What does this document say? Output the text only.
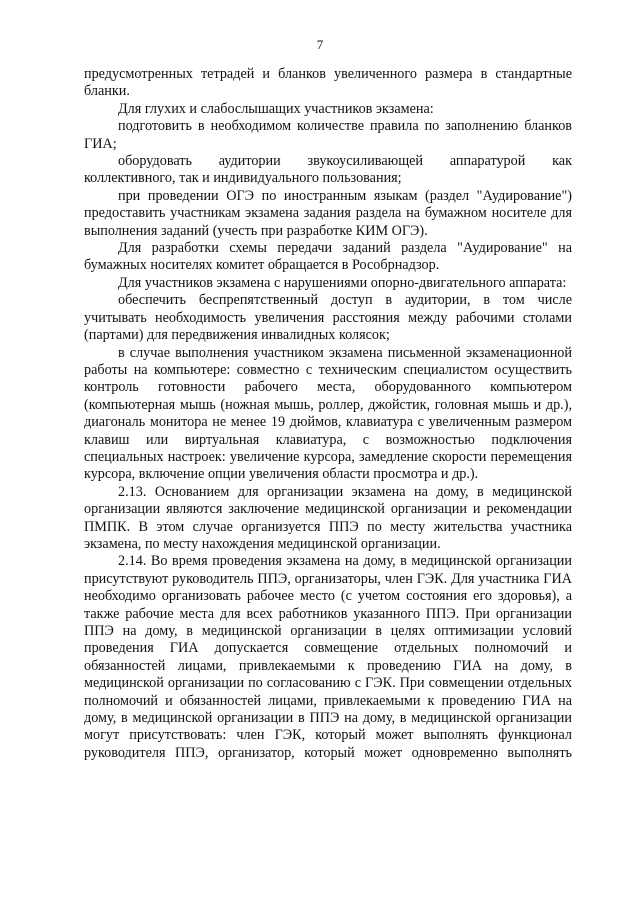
7

предусмотренных тетрадей и бланков увеличенного размера в стандартные бланки.

Для глухих и слабослышащих участников экзамена:

подготовить в необходимом количестве правила по заполнению бланков ГИА;

оборудовать аудитории звукоусиливающей аппаратурой как коллективного, так и индивидуального пользования;

при проведении ОГЭ по иностранным языкам (раздел "Аудирование") предоставить участникам экзамена задания раздела на бумажном носителе для выполнения заданий (учесть при разработке КИМ ОГЭ).

Для разработки схемы передачи заданий раздела "Аудирование" на бумажных носителях комитет обращается в Рособрнадзор.

Для участников экзамена с нарушениями опорно-двигательного аппарата:

обеспечить беспрепятственный доступ в аудитории, в том числе учитывать необходимость увеличения расстояния между рабочими столами (партами) для передвижения инвалидных колясок;

в случае выполнения участником экзамена письменной экзаменационной работы на компьютере: совместно с техническим специалистом осуществить контроль готовности рабочего места, оборудованного компьютером (компьютерная мышь (ножная мышь, роллер, джойстик, головная мышь и др.), диагональ монитора не менее 19 дюймов, клавиатура с увеличенным размером клавиш или виртуальная клавиатура, с возможностью подключения специальных настроек: увеличение курсора, замедление скорости перемещения курсора, включение опции увеличения области просмотра и др.).

2.13. Основанием для организации экзамена на дому, в медицинской организации являются заключение медицинской организации и рекомендации ПМПК. В этом случае организуется ППЭ по месту жительства участника экзамена, по месту нахождения медицинской организации.

2.14. Во время проведения экзамена на дому, в медицинской организации присутствуют руководитель ППЭ, организаторы, член ГЭК. Для участника ГИА необходимо организовать рабочее место (с учетом состояния его здоровья), а также рабочие места для всех работников указанного ППЭ. При организации ППЭ на дому, в медицинской организации в целях оптимизации условий проведения ГИА допускается совмещение отдельных полномочий и обязанностей лицами, привлекаемыми к проведению ГИА на дому, в медицинской организации по согласованию с ГЭК. При совмещении отдельных полномочий и обязанностей лицами, привлекаемыми к проведению ГИА на дому, в медицинской организации в ППЭ на дому, в медицинской организации могут присутствовать: член ГЭК, который может выполнять функционал руководителя ППЭ, организатор, который может одновременно выполнять
